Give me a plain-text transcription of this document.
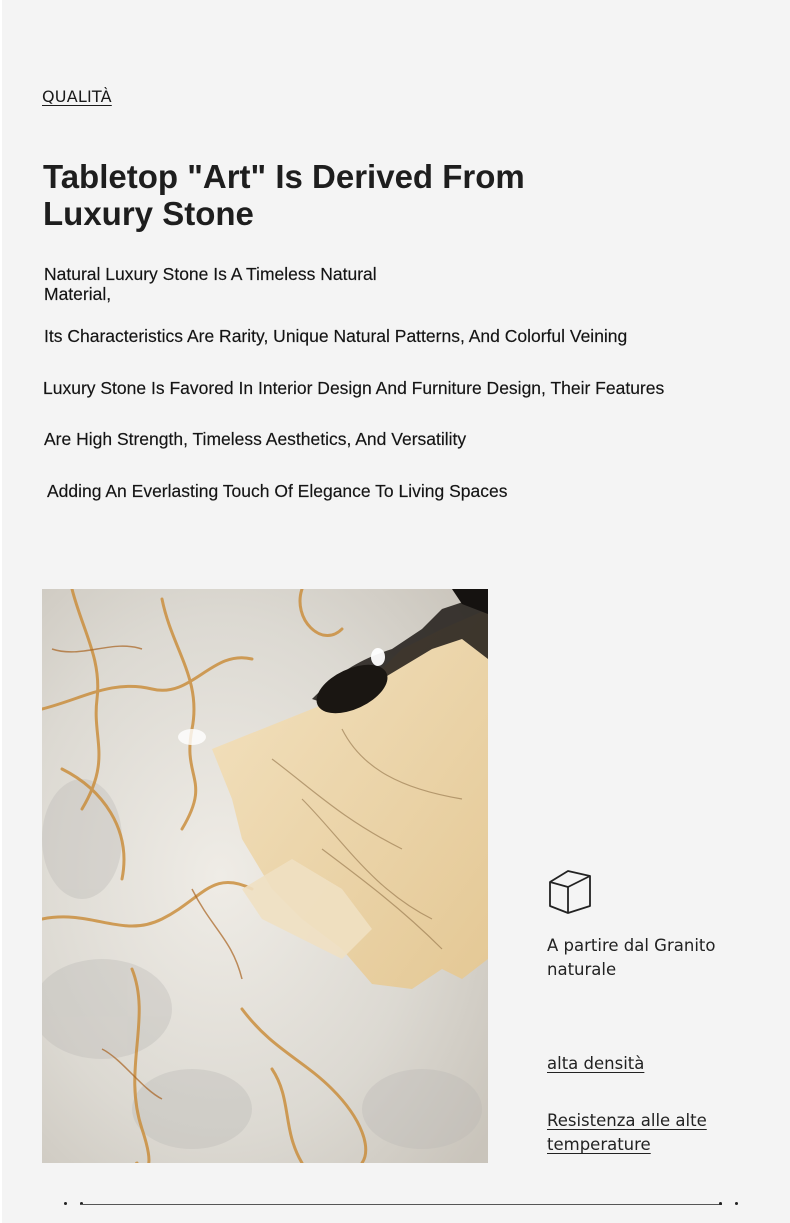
QUALITÀ
Tabletop "Art" Is Derived From Luxury Stone

Natural Luxury Stone Is A Timeless Natural Material,

Its Characteristics Are Rarity, Unique Natural Patterns, And Colorful Veining

Luxury Stone Is Favored In Interior Design And Furniture Design, Their Features

Are High Strength, Timeless Aesthetics, And Versatility

Adding An Everlasting Touch Of Elegance To Living Spaces

A partire dal Granito naturale

alta densità

Resistenza alle alte temperature
